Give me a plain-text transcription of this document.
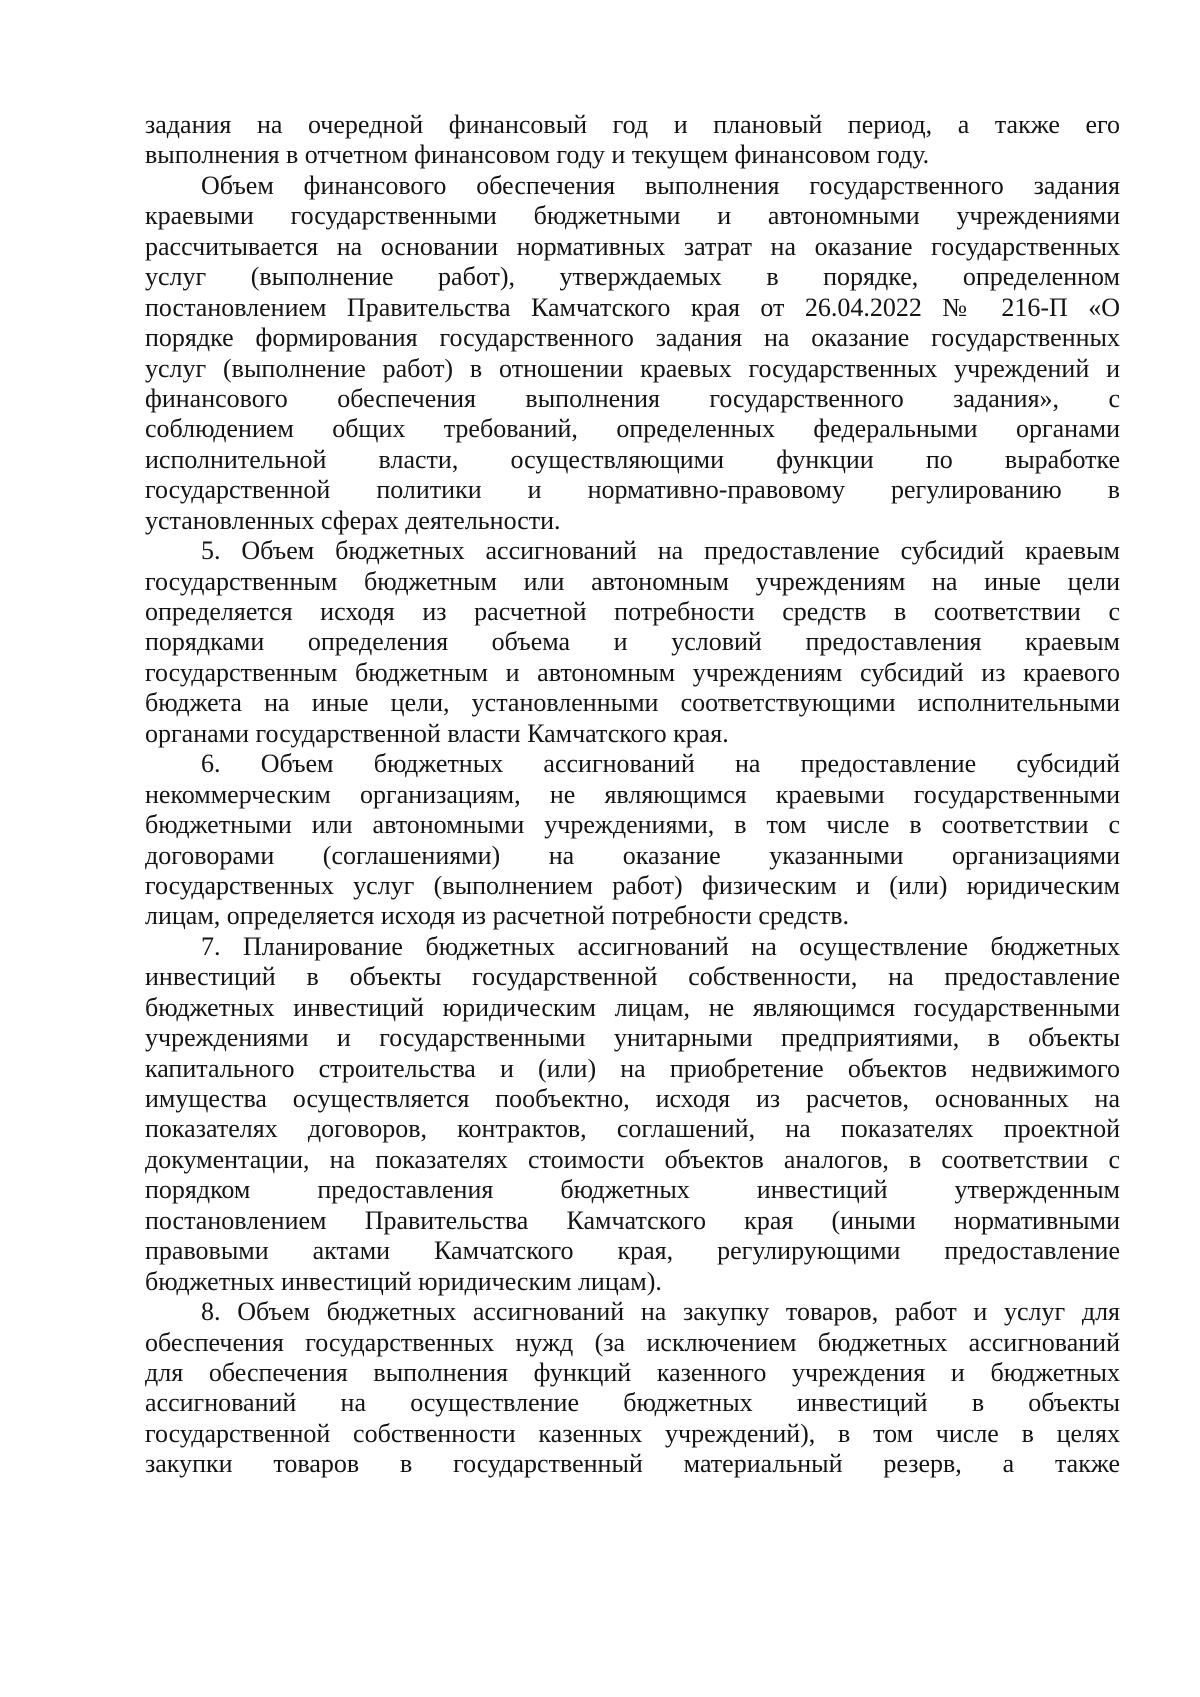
задания на очередной финансовый год и плановый период, а также его
выполнения в отчетном финансовом году и текущем финансовом году.
Объем финансового обеспечения выполнения государственного задания
краевыми государственными бюджетными и автономными учреждениями
рассчитывается на основании нормативных затрат на оказание государственных
услуг (выполнение работ), утверждаемых в порядке, определенном
постановлением Правительства Камчатского края от 26.04.2022 № 216-П «О
порядке формирования государственного задания на оказание государственных
услуг (выполнение работ) в отношении краевых государственных учреждений и
финансового обеспечения выполнения государственного задания», с
соблюдением общих требований, определенных федеральными органами
исполнительной власти, осуществляющими функции по выработке
государственной политики и нормативно-правовому регулированию в
установленных сферах деятельности.
5. Объем бюджетных ассигнований на предоставление субсидий краевым
государственным бюджетным или автономным учреждениям на иные цели
определяется исходя из расчетной потребности средств в соответствии с
порядками определения объема и условий предоставления краевым
государственным бюджетным и автономным учреждениям субсидий из краевого
бюджета на иные цели, установленными соответствующими исполнительными
органами государственной власти Камчатского края.
6. Объем бюджетных ассигнований на предоставление субсидий
некоммерческим организациям, не являющимся краевыми государственными
бюджетными или автономными учреждениями, в том числе в соответствии с
договорами (соглашениями) на оказание указанными организациями
государственных услуг (выполнением работ) физическим и (или) юридическим
лицам, определяется исходя из расчетной потребности средств.
7. Планирование бюджетных ассигнований на осуществление бюджетных
инвестиций в объекты государственной собственности, на предоставление
бюджетных инвестиций юридическим лицам, не являющимся государственными
учреждениями и государственными унитарными предприятиями, в объекты
капитального строительства и (или) на приобретение объектов недвижимого
имущества осуществляется пообъектно, исходя из расчетов, основанных на
показателях договоров, контрактов, соглашений, на показателях проектной
документации, на показателях стоимости объектов аналогов, в соответствии с
порядком предоставления бюджетных инвестиций утвержденным
постановлением Правительства Камчатского края (иными нормативными
правовыми актами Камчатского края, регулирующими предоставление
бюджетных инвестиций юридическим лицам).
8. Объем бюджетных ассигнований на закупку товаров, работ и услуг для
обеспечения государственных нужд (за исключением бюджетных ассигнований
для обеспечения выполнения функций казенного учреждения и бюджетных
ассигнований на осуществление бюджетных инвестиций в объекты
государственной собственности казенных учреждений), в том числе в целях
закупки товаров в государственный материальный резерв, а также
